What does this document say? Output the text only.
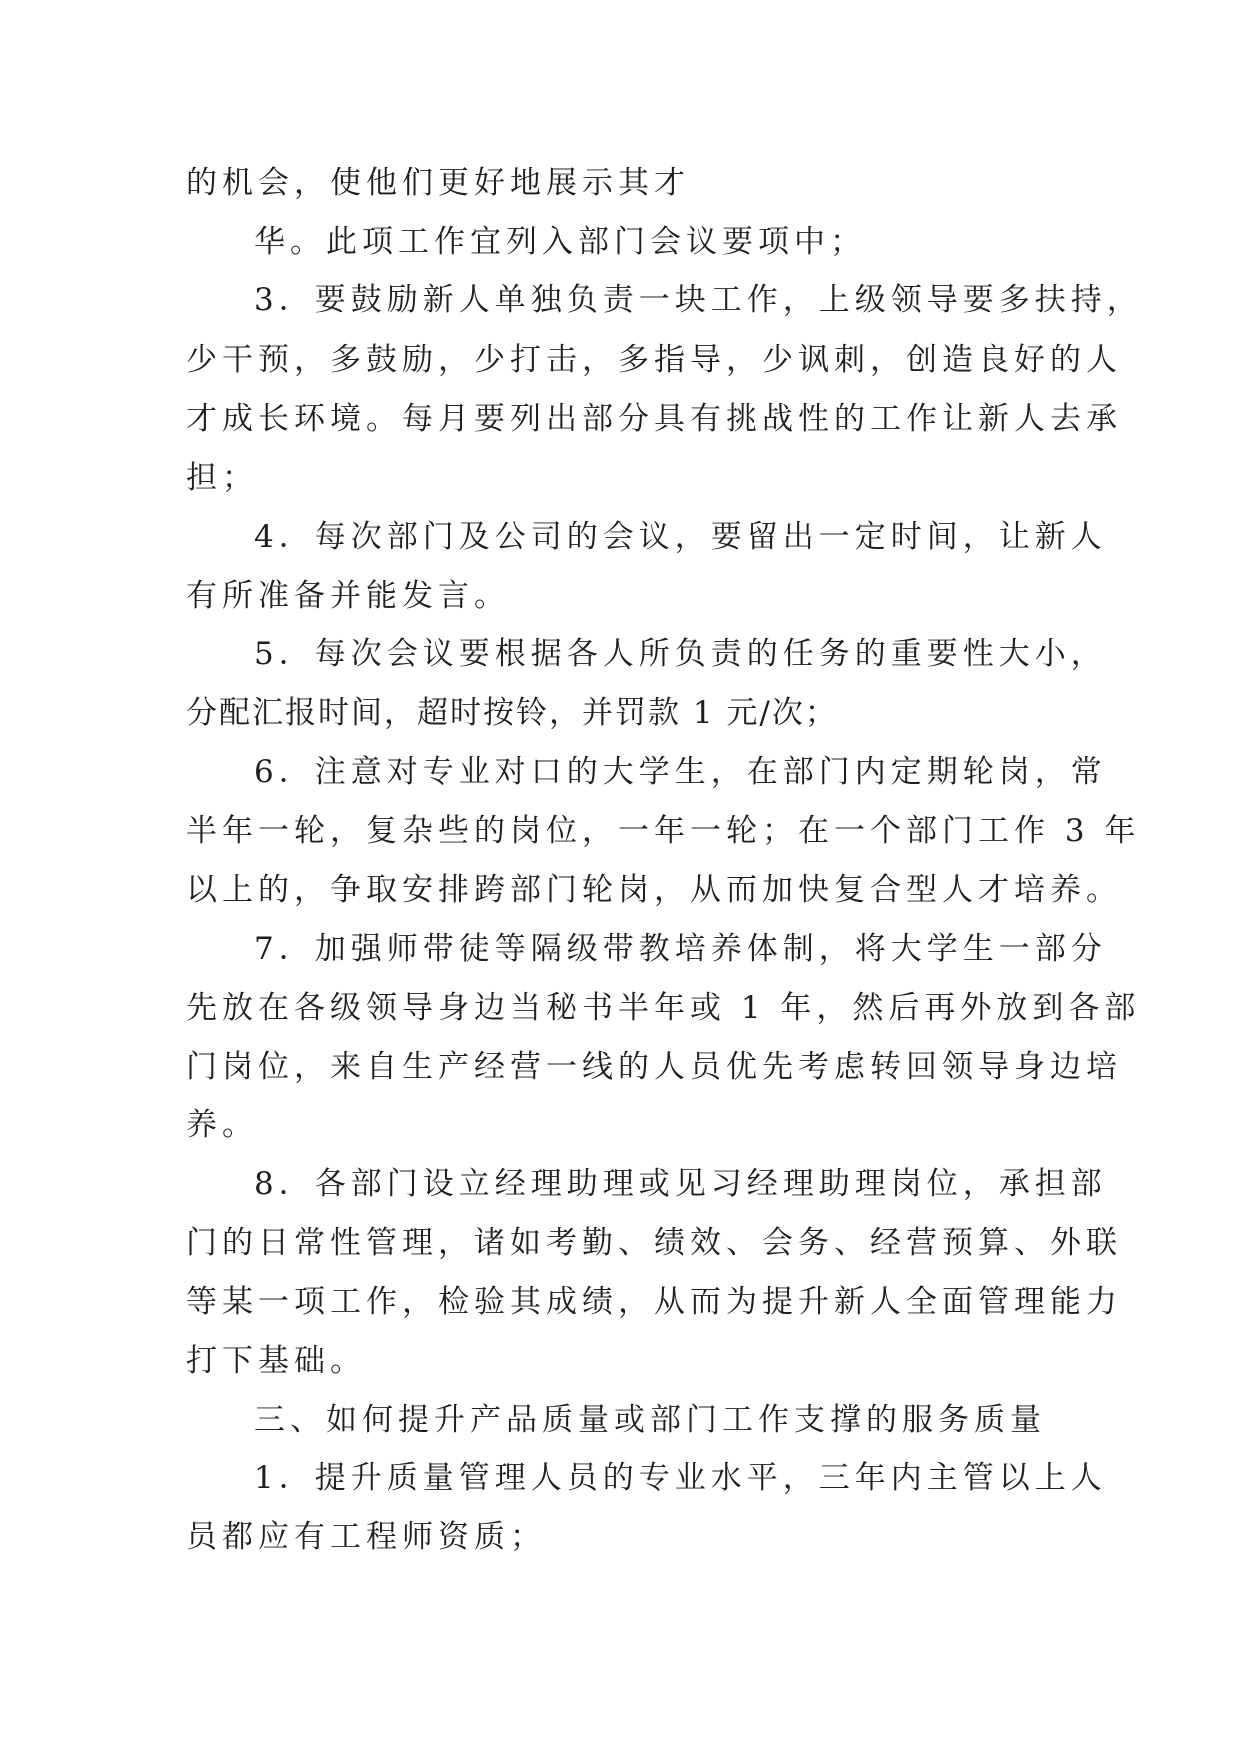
的机会，使他们更好地展示其才
华。此项工作宜列入部门会议要项中；
3．要鼓励新人单独负责一块工作，上级领导要多扶持，
少干预，多鼓励，少打击，多指导，少讽刺，创造良好的人
才成长环境。每月要列出部分具有挑战性的工作让新人去承
担；
4．每次部门及公司的会议，要留出一定时间，让新人
有所准备并能发言。
5．每次会议要根据各人所负责的任务的重要性大小，
分配汇报时间，超时按铃，并罚款 1 元/次；
6．注意对专业对口的大学生，在部门内定期轮岗，常
半年一轮，复杂些的岗位，一年一轮；在一个部门工作 3 年
以上的，争取安排跨部门轮岗，从而加快复合型人才培养。
7．加强师带徒等隔级带教培养体制，将大学生一部分
先放在各级领导身边当秘书半年或 1 年，然后再外放到各部
门岗位，来自生产经营一线的人员优先考虑转回领导身边培
养。
8．各部门设立经理助理或见习经理助理岗位，承担部
门的日常性管理，诸如考勤、绩效、会务、经营预算、外联
等某一项工作，检验其成绩，从而为提升新人全面管理能力
打下基础。
三、如何提升产品质量或部门工作支撑的服务质量
1．提升质量管理人员的专业水平，三年内主管以上人
员都应有工程师资质；
